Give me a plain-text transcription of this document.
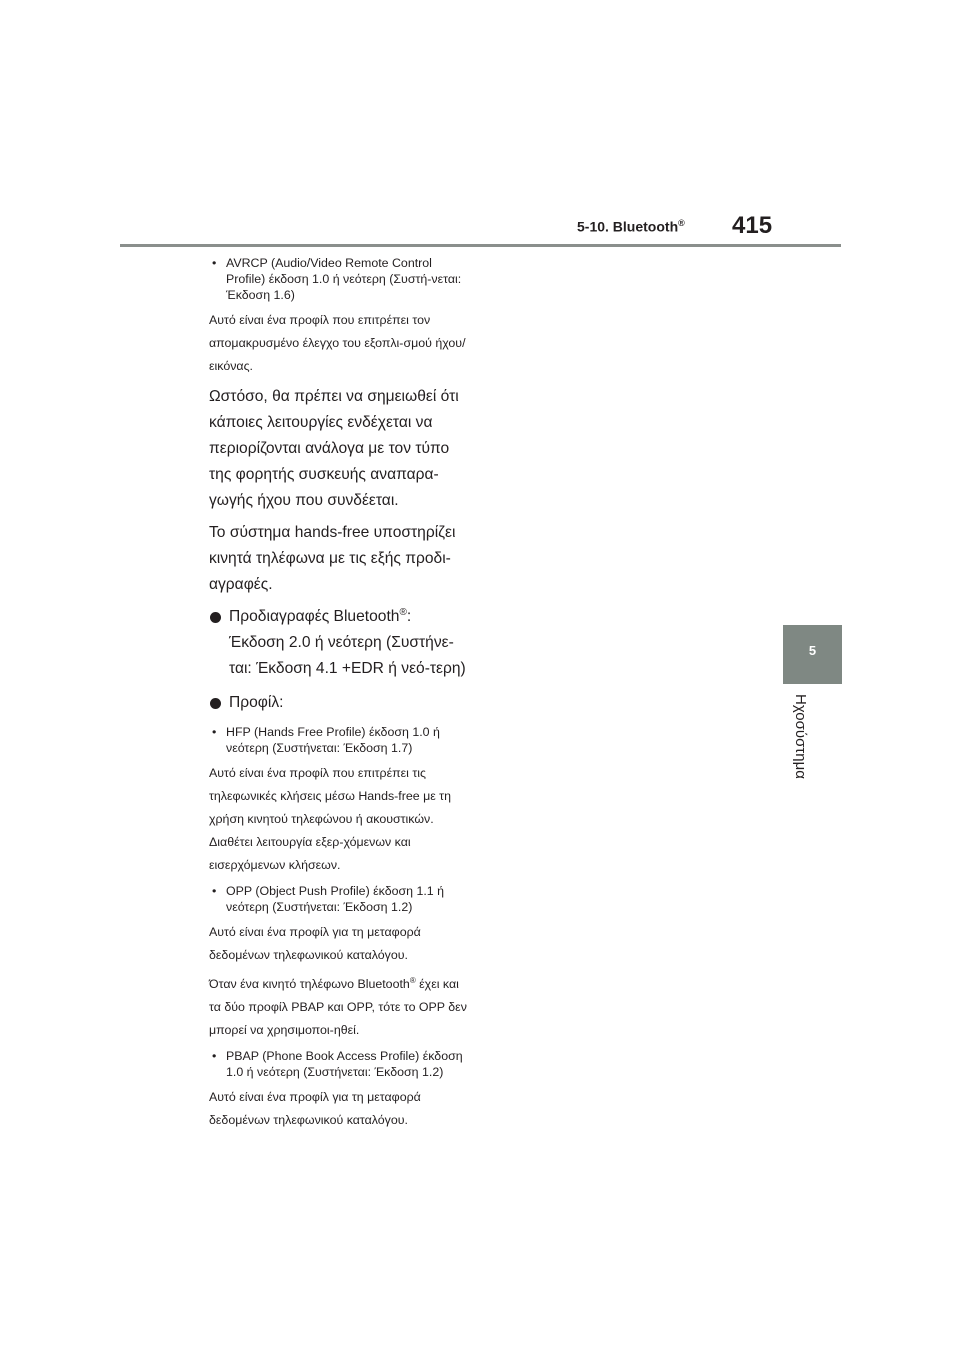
5-10. Bluetooth® 415
5
Ηχοσύστημα
• AVRCP (Audio/Video Remote Control Profile) έκδοση 1.0 ή νεότερη (Συστή-νεται: Έκδοση 1.6)
Αυτό είναι ένα προφίλ που επιτρέπει τον απομακρυσμένο έλεγχο του εξοπλι-σμού ήχου/εικόνας.
Ωστόσο, θα πρέπει να σημειωθεί ότι κάποιες λειτουργίες ενδέχεται να περιορίζονται ανάλογα με τον τύπο της φορητής συσκευής αναπαρα-γωγής ήχου που συνδέεται.
Το σύστημα hands-free υποστηρίζει κινητά τηλέφωνα με τις εξής προδι-αγραφές.
Προδιαγραφές Bluetooth®: Έκδοση 2.0 ή νεότερη (Συστήνε-ται: Έκδοση 4.1 +EDR ή νεό-τερη)
Προφίλ:
• HFP (Hands Free Profile) έκδοση 1.0 ή νεότερη (Συστήνεται: Έκδοση 1.7)
Αυτό είναι ένα προφίλ που επιτρέπει τις τηλεφωνικές κλήσεις μέσω Hands-free με τη χρήση κινητού τηλεφώνου ή ακουστικών. Διαθέτει λειτουργία εξερ-χόμενων και εισερχόμενων κλήσεων.
• OPP (Object Push Profile) έκδοση 1.1 ή νεότερη (Συστήνεται: Έκδοση 1.2)
Αυτό είναι ένα προφίλ για τη μεταφορά δεδομένων τηλεφωνικού καταλόγου.
Όταν ένα κινητό τηλέφωνο Bluetooth® έχει και τα δύο προφίλ PBAP και OPP, τότε το OPP δεν μπορεί να χρησιμοποι-ηθεί.
• PBAP (Phone Book Access Profile) έκδοση 1.0 ή νεότερη (Συστήνεται: Έκδοση 1.2)
Αυτό είναι ένα προφίλ για τη μεταφορά δεδομένων τηλεφωνικού καταλόγου.
